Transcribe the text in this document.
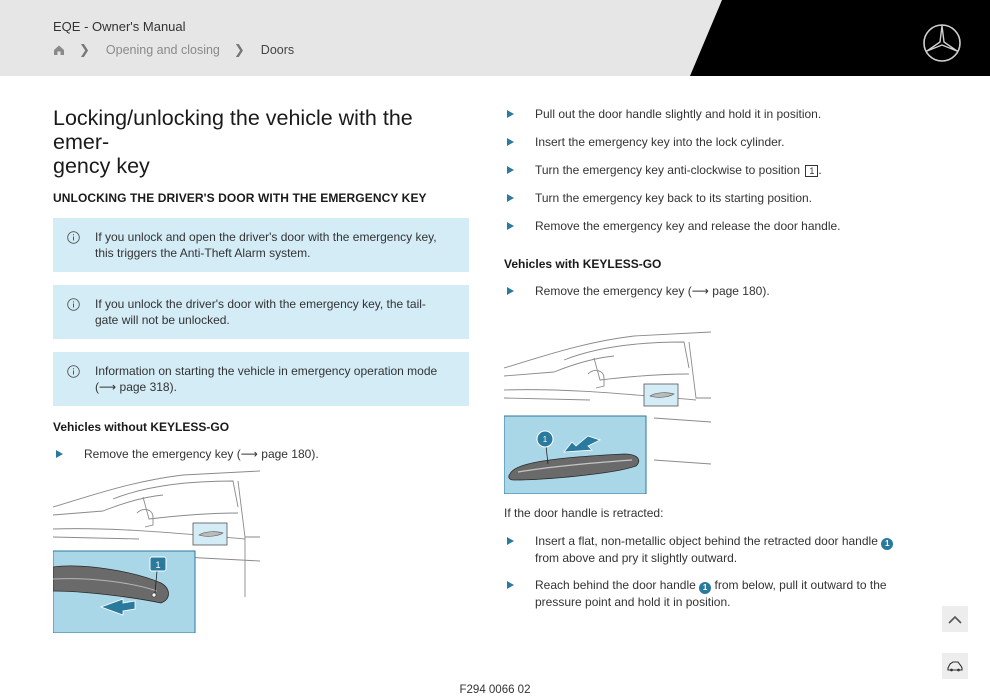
EQE - Owner's Manual
❯ Opening and closing ❯ Doors
Locking/unlocking the vehicle with the emer-
gency key
UNLOCKING THE DRIVER'S DOOR WITH THE EMERGENCY KEY
If you unlock and open the driver's door with the emergency key,
this triggers the Anti-Theft Alarm system.
If you unlock the driver's door with the emergency key, the tail-
gate will not be unlocked.
Information on starting the vehicle in emergency operation mode
(⟶ page 318).
Vehicles without KEYLESS-GO
Remove the emergency key (⟶ page 180).
1
Pull out the door handle slightly and hold it in position.
Insert the emergency key into the lock cylinder.
Turn the emergency key anti-clockwise to position 1 .
Turn the emergency key back to its starting position.
Remove the emergency key and release the door handle.
Vehicles with KEYLESS-GO
Remove the emergency key (⟶ page 180).
1
If the door handle is retracted:
Insert a flat, non-metallic object behind the retracted door handle 1
from above and pry it slightly outward.
Reach behind the door handle 1 from below, pull it outward to the
pressure point and hold it in position.
F294 0066 02
